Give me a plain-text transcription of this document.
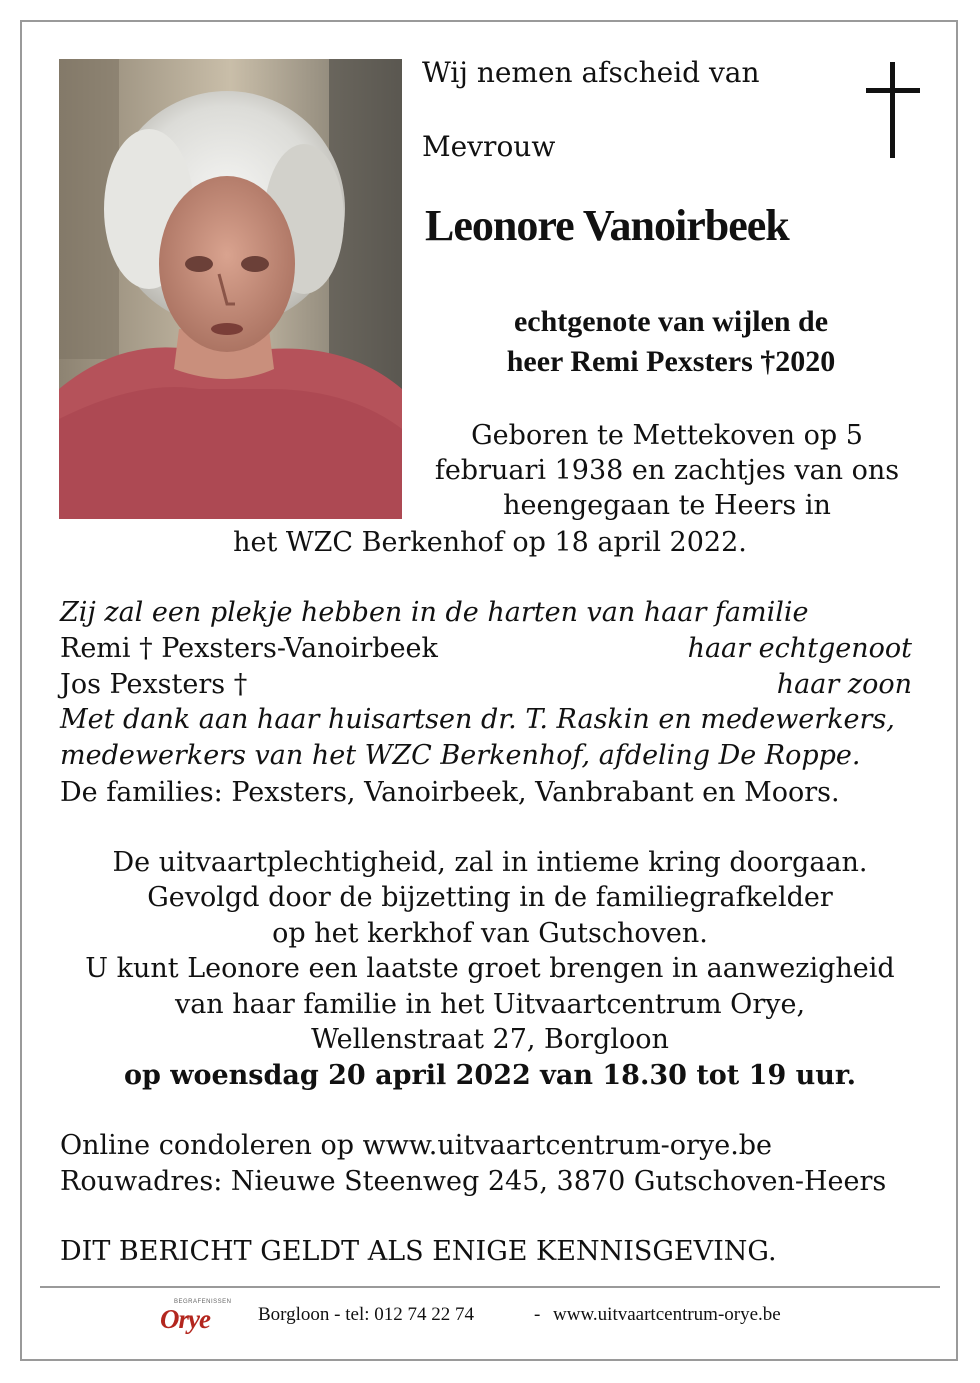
Wij nemen afscheid van
Mevrouw
Leonore Vanoirbeek
echtgenote van wijlen de
heer Remi Pexsters †2020
Geboren te Mettekoven op 5
februari 1938 en zachtjes van ons
heengegaan te Heers in
het WZC Berkenhof op 18 april 2022.
Zij zal een plekje hebben in de harten van haar familie
Remi † Pexsters-Vanoirbeek	haar echtgenoot
Jos Pexsters †	haar zoon
Met dank aan haar huisartsen dr. T. Raskin en medewerkers,
medewerkers van het WZC Berkenhof, afdeling De Roppe.
De families: Pexsters, Vanoirbeek, Vanbrabant en Moors.
De uitvaartplechtigheid, zal in intieme kring doorgaan.
Gevolgd door de bijzetting in de familiegrafkelder
op het kerkhof van Gutschoven.
U kunt Leonore een laatste groet brengen in aanwezigheid
van haar familie in het Uitvaartcentrum Orye,
Wellenstraat 27, Borgloon
op woensdag 20 april 2022 van 18.30 tot 19 uur.
Online condoleren op www.uitvaartcentrum-orye.be
Rouwadres: Nieuwe Steenweg 245, 3870 Gutschoven-Heers
DIT BERICHT GELDT ALS ENIGE KENNISGEVING.
BEGRAFENISSEN
Orye	Borgloon - tel: 012 74 22 74	- www.uitvaartcentrum-orye.be
